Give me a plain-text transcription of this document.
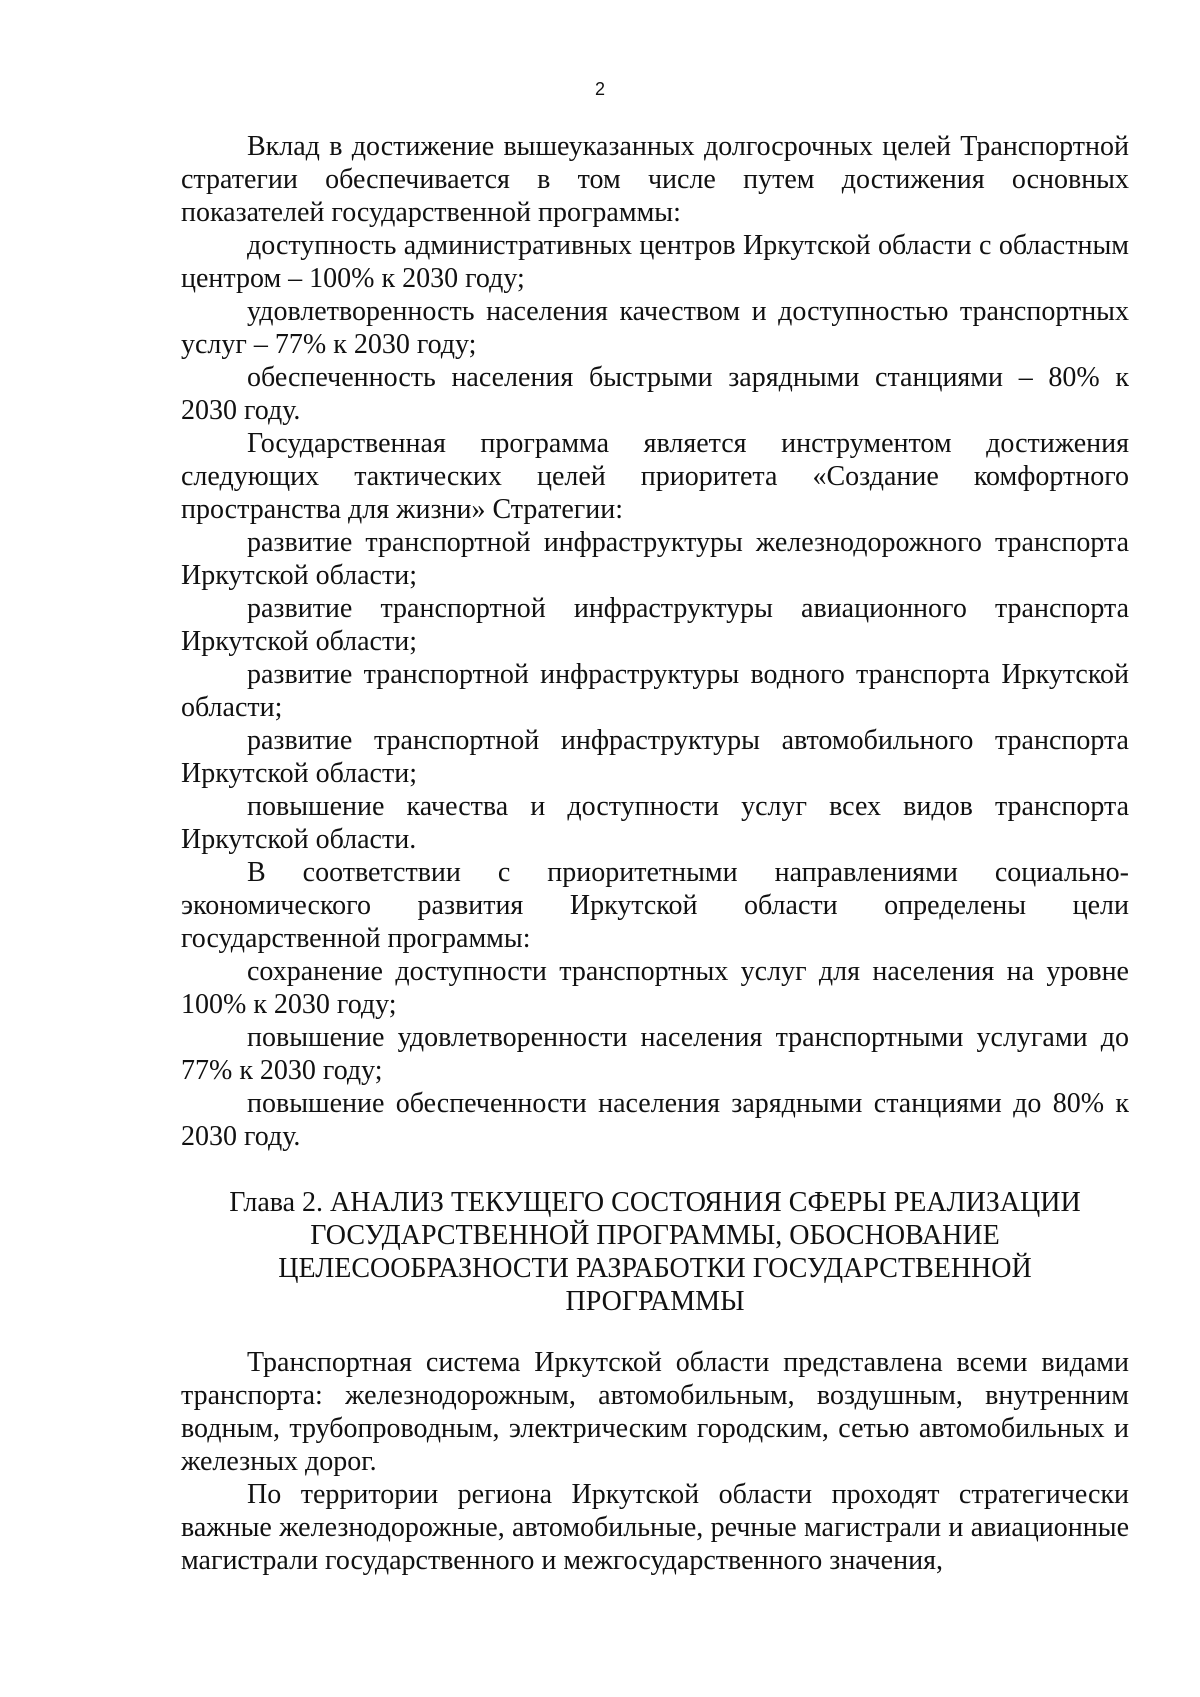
2

Вклад в достижение вышеуказанных долгосрочных целей Транспортной стратегии обеспечивается в том числе путем достижения основных показателей государственной программы:

доступность административных центров Иркутской области с областным центром – 100% к 2030 году;

удовлетворенность населения качеством и доступностью транспортных услуг – 77% к 2030 году;

обеспеченность населения быстрыми зарядными станциями – 80% к 2030 году.

Государственная программа является инструментом достижения следующих тактических целей приоритета «Создание комфортного пространства для жизни» Стратегии:

развитие транспортной инфраструктуры железнодорожного транспорта Иркутской области;

развитие транспортной инфраструктуры авиационного транспорта Иркутской области;

развитие транспортной инфраструктуры водного транспорта Иркутской области;

развитие транспортной инфраструктуры автомобильного транспорта Иркутской области;

повышение качества и доступности услуг всех видов транспорта Иркутской области.

В соответствии с приоритетными направлениями социально-экономического развития Иркутской области определены цели государственной программы:

сохранение доступности транспортных услуг для населения на уровне 100% к 2030 году;

повышение удовлетворенности населения транспортными услугами до 77% к 2030 году;

повышение обеспеченности населения зарядными станциями до 80% к 2030 году.

Глава 2. АНАЛИЗ ТЕКУЩЕГО СОСТОЯНИЯ СФЕРЫ РЕАЛИЗАЦИИ
ГОСУДАРСТВЕННОЙ ПРОГРАММЫ, ОБОСНОВАНИЕ
ЦЕЛЕСООБРАЗНОСТИ РАЗРАБОТКИ ГОСУДАРСТВЕННОЙ
ПРОГРАММЫ

Транспортная система Иркутской области представлена всеми видами транспорта: железнодорожным, автомобильным, воздушным, внутренним водным, трубопроводным, электрическим городским, сетью автомобильных и железных дорог.

По территории региона Иркутской области проходят стратегически важные железнодорожные, автомобильные, речные магистрали и авиационные магистрали государственного и межгосударственного значения,
